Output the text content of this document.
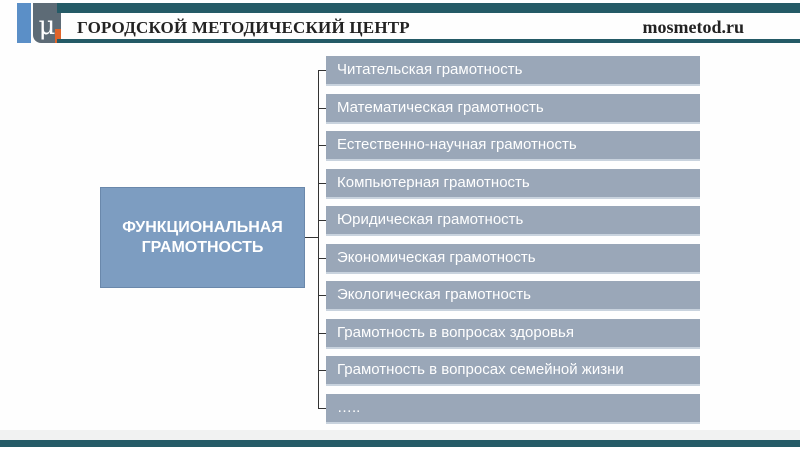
μ	ГОРОДСКОЙ МЕТОДИЧЕСКИЙ ЦЕНТР	mosmetod.ru
ФУНКЦИОНАЛЬНАЯ
ГРАМОТНОСТЬ
Читательская грамотность
Математическая грамотность
Естественно-научная грамотность
Компьютерная грамотность
Юридическая грамотность
Экономическая грамотность
Экологическая грамотность
Грамотность в вопросах здоровья
Грамотность в вопросах семейной жизни
…..
